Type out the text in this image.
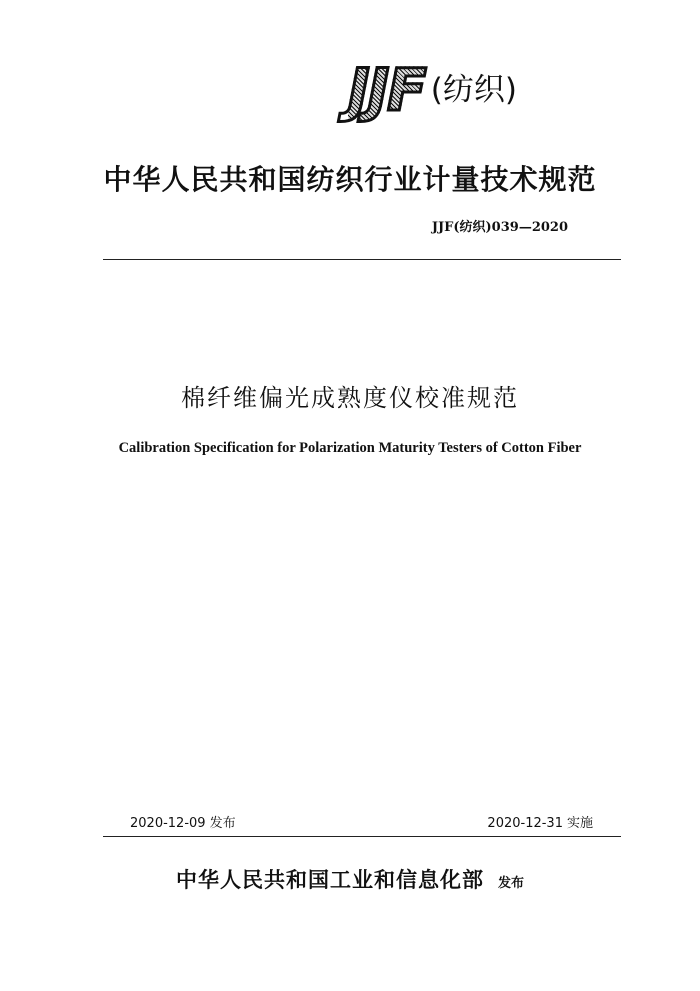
JJF (纺织)
中华人民共和国纺织行业计量技术规范
JJF(纺织)039—2020
棉纤维偏光成熟度仪校准规范
Calibration Specification for Polarization Maturity Testers of Cotton Fiber
2020-12-09 发布	2020-12-31 实施
中华人民共和国工业和信息化部 发布
